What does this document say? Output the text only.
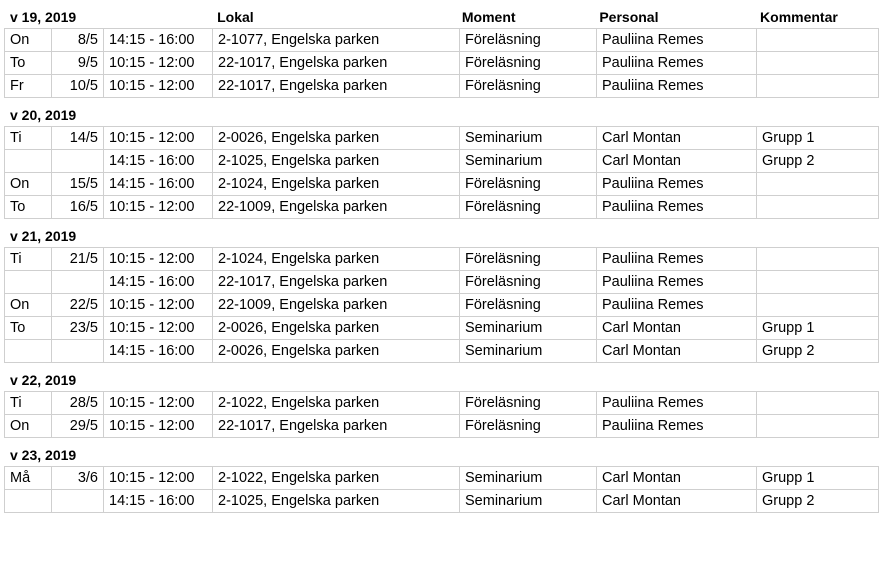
v 19, 2019	Lokal	Moment	Personal	Kommentar
On	8/5	14:15 - 16:00	2-1077, Engelska parken	Föreläsning	Pauliina Remes	
To	9/5	10:15 - 12:00	22-1017, Engelska parken	Föreläsning	Pauliina Remes	
Fr	10/5	10:15 - 12:00	22-1017, Engelska parken	Föreläsning	Pauliina Remes	
v 20, 2019
Ti	14/5	10:15 - 12:00	2-0026, Engelska parken	Seminarium	Carl Montan	Grupp 1
		14:15 - 16:00	2-1025, Engelska parken	Seminarium	Carl Montan	Grupp 2
On	15/5	14:15 - 16:00	2-1024, Engelska parken	Föreläsning	Pauliina Remes	
To	16/5	10:15 - 12:00	22-1009, Engelska parken	Föreläsning	Pauliina Remes	
v 21, 2019
Ti	21/5	10:15 - 12:00	2-1024, Engelska parken	Föreläsning	Pauliina Remes	
		14:15 - 16:00	22-1017, Engelska parken	Föreläsning	Pauliina Remes	
On	22/5	10:15 - 12:00	22-1009, Engelska parken	Föreläsning	Pauliina Remes	
To	23/5	10:15 - 12:00	2-0026, Engelska parken	Seminarium	Carl Montan	Grupp 1
		14:15 - 16:00	2-0026, Engelska parken	Seminarium	Carl Montan	Grupp 2
v 22, 2019
Ti	28/5	10:15 - 12:00	2-1022, Engelska parken	Föreläsning	Pauliina Remes	
On	29/5	10:15 - 12:00	22-1017, Engelska parken	Föreläsning	Pauliina Remes	
v 23, 2019
Må	3/6	10:15 - 12:00	2-1022, Engelska parken	Seminarium	Carl Montan	Grupp 1
		14:15 - 16:00	2-1025, Engelska parken	Seminarium	Carl Montan	Grupp 2
